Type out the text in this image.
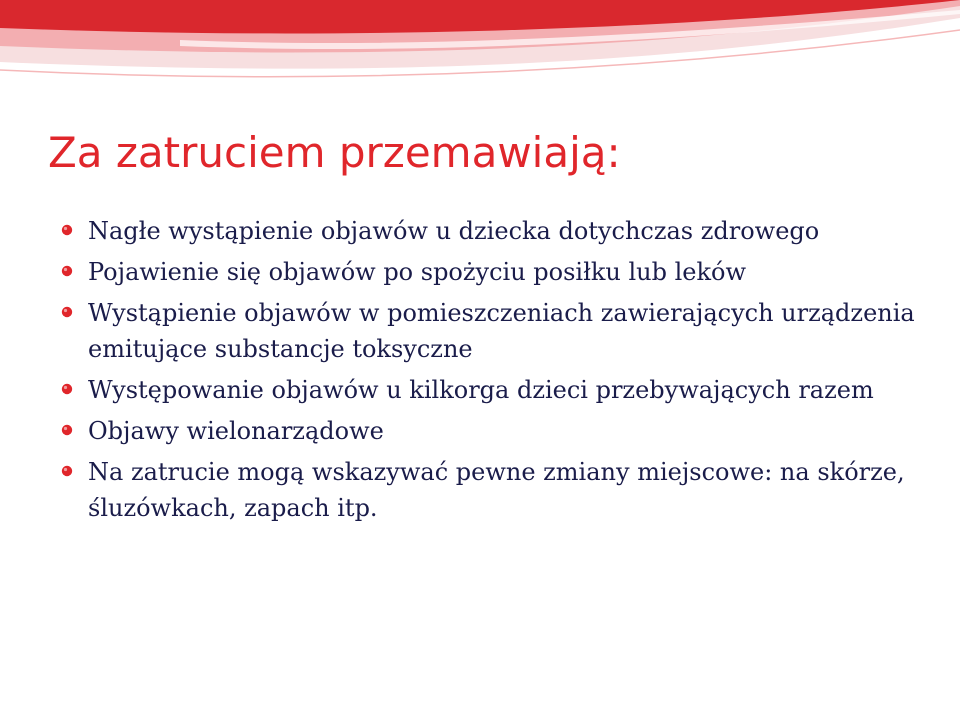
Za zatruciem przemawiają:
Nagłe wystąpienie objawów u dziecka dotychczas zdrowego
Pojawienie się objawów po spożyciu posiłku lub leków
Wystąpienie objawów w pomieszczeniach zawierających urządzenia emitujące substancje toksyczne
Występowanie objawów u kilkorga dzieci przebywających razem
Objawy wielonarządowe
Na zatrucie mogą wskazywać pewne zmiany miejscowe: na skórze, śluzówkach, zapach itp.
